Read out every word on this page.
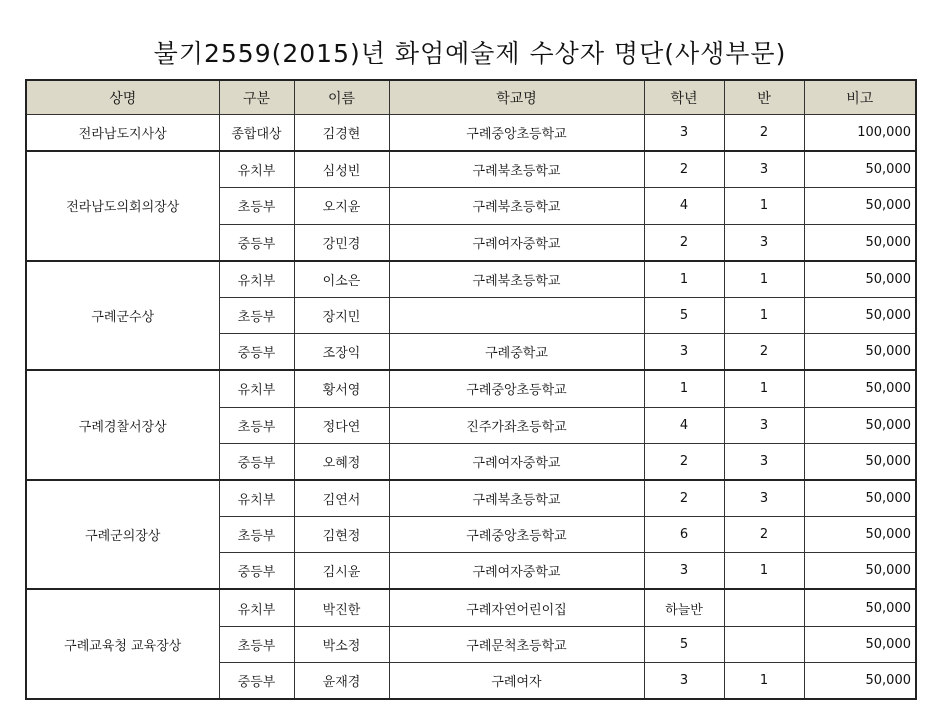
불기2559(2015)년 화엄예술제 수상자 명단(사생부문)
상명	구분	이름	학교명	학년	반	비고
전라남도지사상	종합대상	김경현	구례중앙초등학교	3	2	100,000
전라남도의회의장상	유치부	심성빈	구례북초등학교	2	3	50,000
	초등부	오지윤	구례북초등학교	4	1	50,000
	중등부	강민경	구례여자중학교	2	3	50,000
구례군수상	유치부	이소은	구례북초등학교	1	1	50,000
	초등부	장지민		5	1	50,000
	중등부	조장익	구례중학교	3	2	50,000
구례경찰서장상	유치부	황서영	구례중앙초등학교	1	1	50,000
	초등부	정다연	진주가좌초등학교	4	3	50,000
	중등부	오혜정	구례여자중학교	2	3	50,000
구례군의장상	유치부	김연서	구례북초등학교	2	3	50,000
	초등부	김현정	구례중앙초등학교	6	2	50,000
	중등부	김시윤	구례여자중학교	3	1	50,000
구례교육청 교육장상	유치부	박진한	구례자연어린이집	하늘반		50,000
	초등부	박소정	구례문척초등학교	5		50,000
	중등부	윤재경	구례여자	3	1	50,000
